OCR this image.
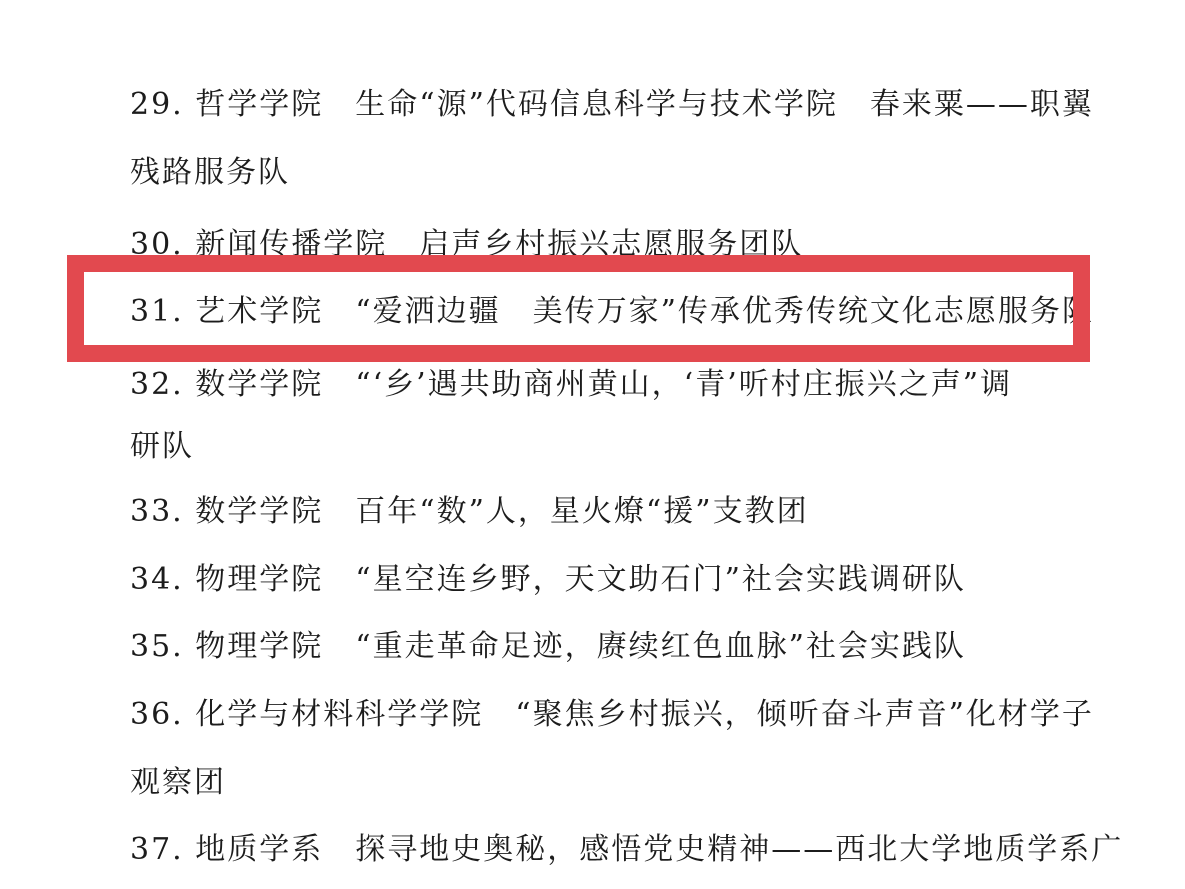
29. 哲学学院　生命“源”代码信息科学与技术学院　春来粟——职翼
残路服务队
30. 新闻传播学院　启声乡村振兴志愿服务团队
31. 艺术学院　“爱洒边疆　美传万家”传承优秀传统文化志愿服务队
32. 数学学院　“‘乡’遇共助商州黄山，‘青’听村庄振兴之声”调
研队
33. 数学学院　百年“数”人，星火燎“援”支教团
34. 物理学院　“星空连乡野，天文助石门”社会实践调研队
35. 物理学院　“重走革命足迹，赓续红色血脉”社会实践队
36. 化学与材料科学学院　“聚焦乡村振兴，倾听奋斗声音”化材学子
观察团
37. 地质学系　探寻地史奥秘，感悟党史精神——西北大学地质学系广
